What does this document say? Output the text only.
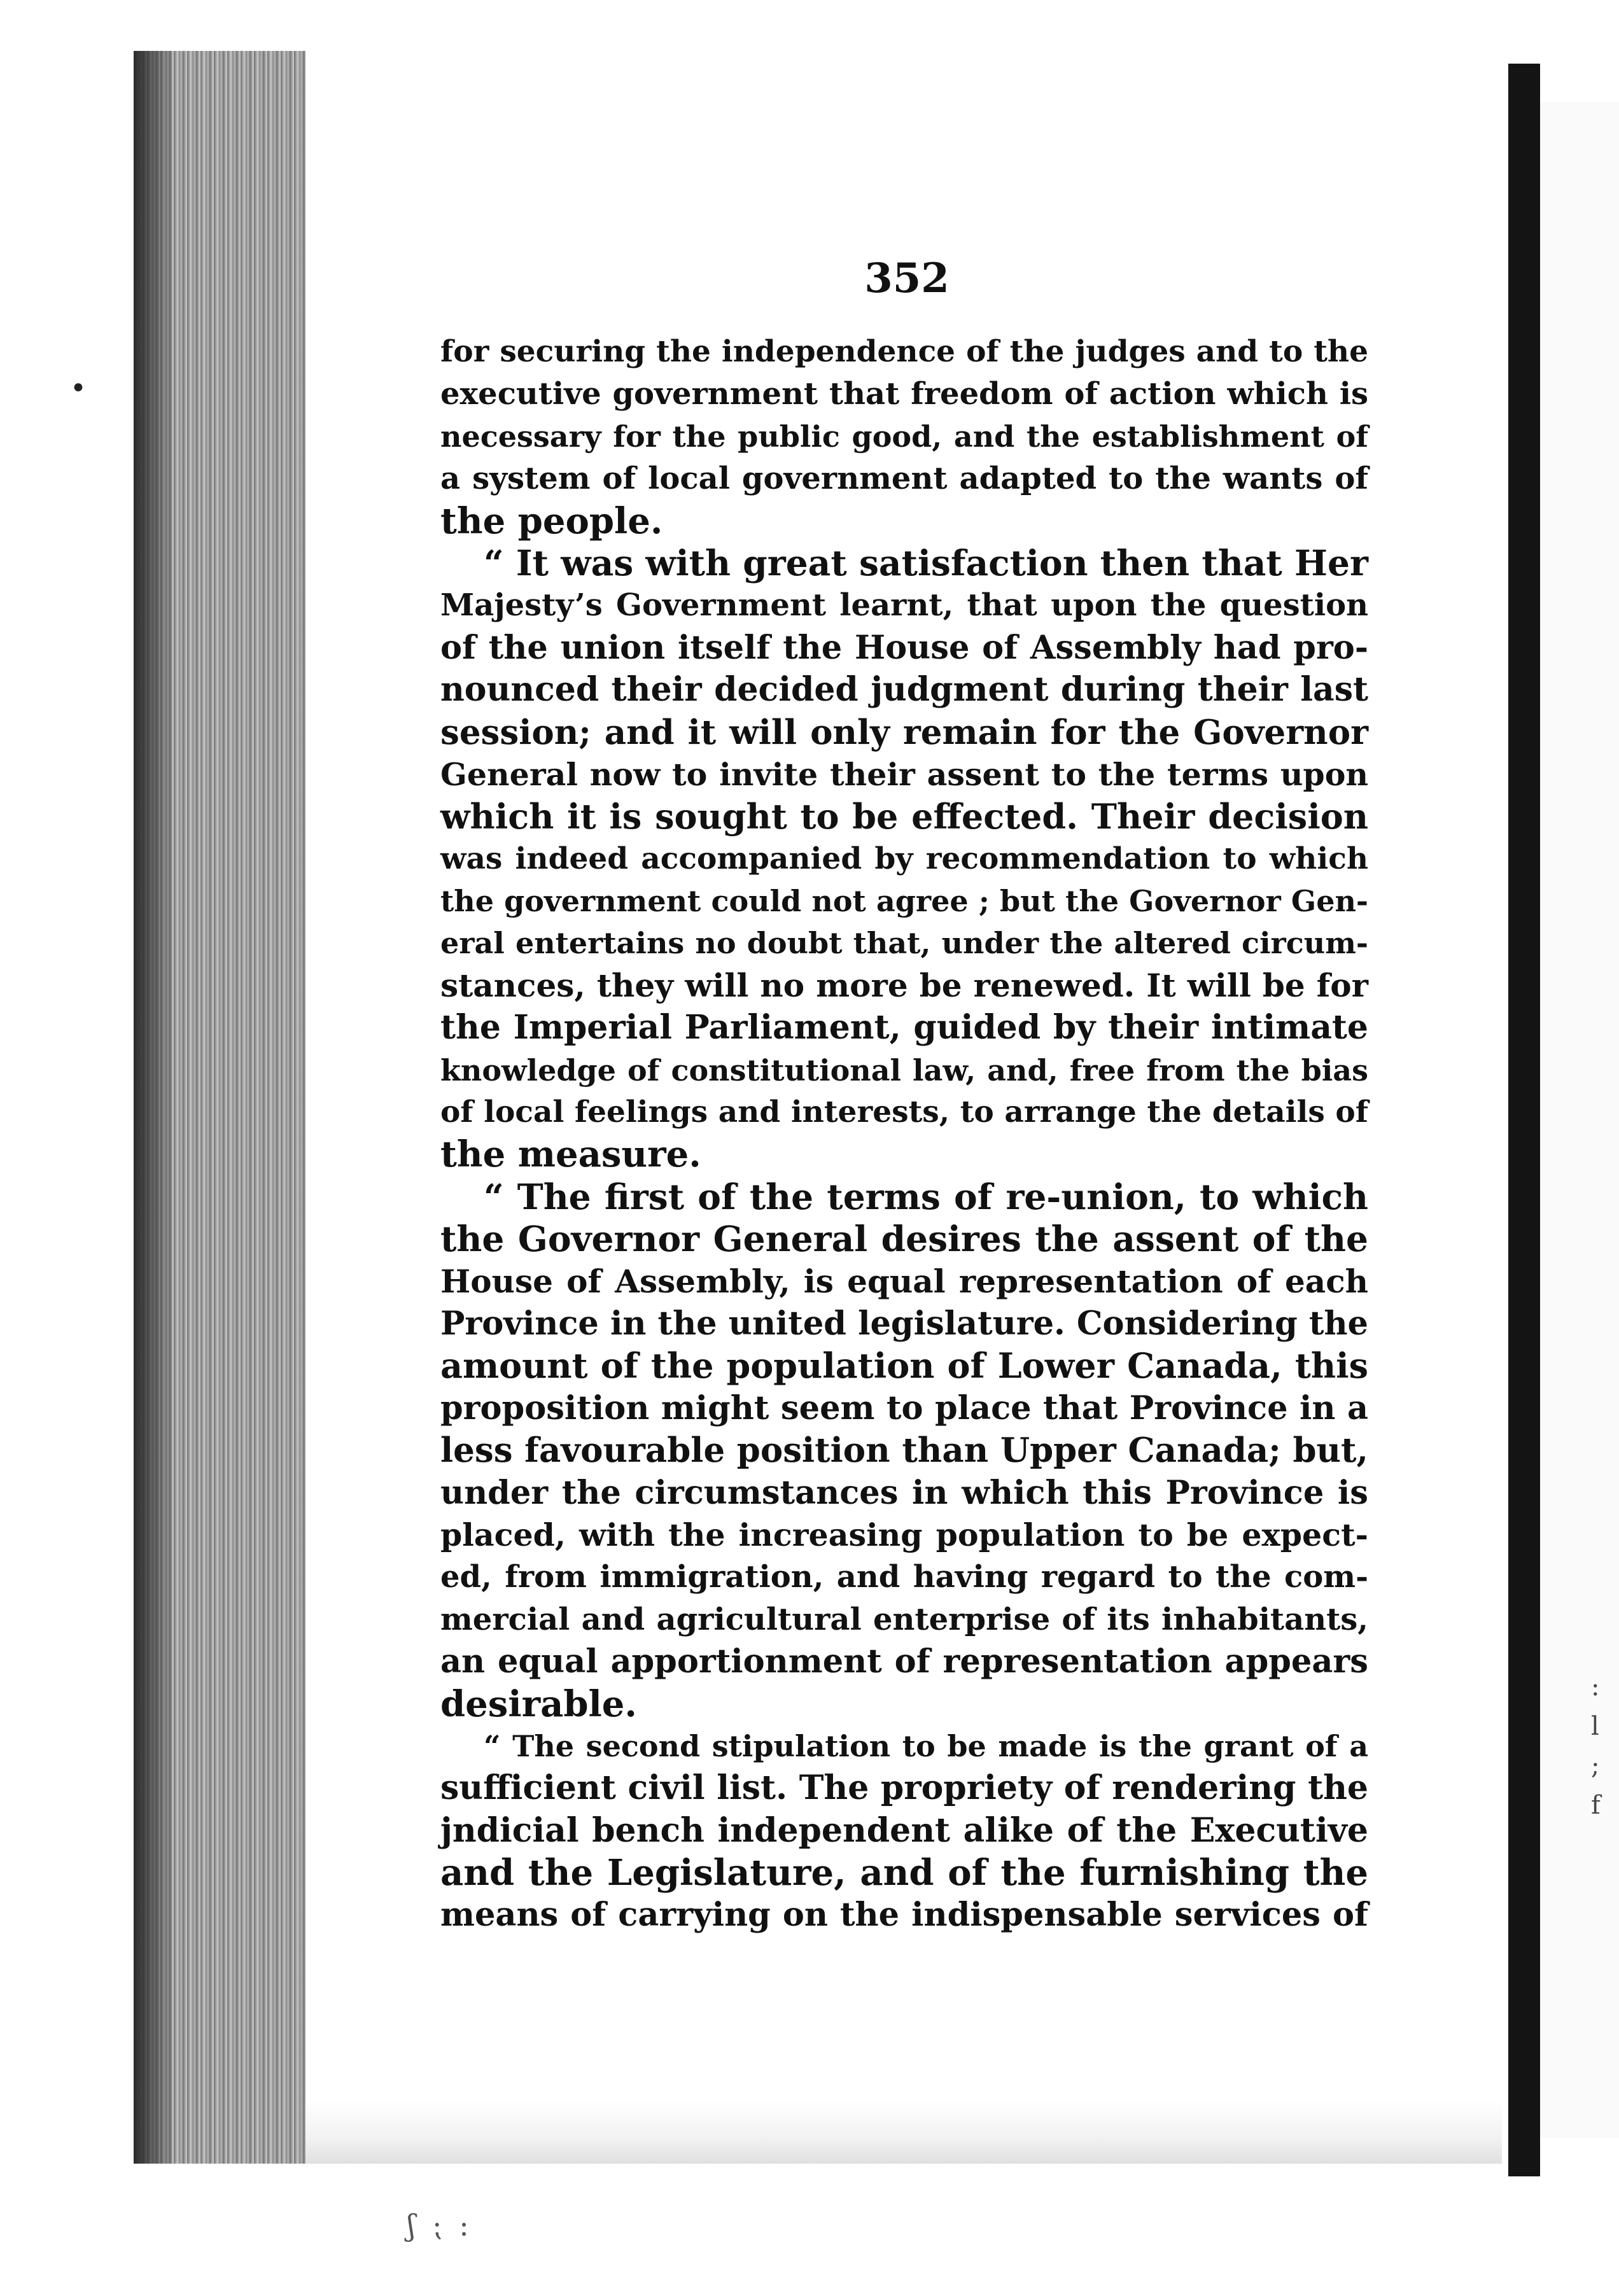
:
l
;
f
•

352

for securing the independence of the judges and to the
executive government that freedom of action which is
necessary for the public good, and the establishment of
a system of local government adapted to the wants of
the people.
“ It was with great satisfaction then that Her
Majesty’s Government learnt, that upon the question
of the union itself the House of Assembly had pro-
nounced their decided judgment during their last
session; and it will only remain for the Governor
General now to invite their assent to the terms upon
which it is sought to be effected. Their decision
was indeed accompanied by recommendation to which
the government could not agree ; but the Governor Gen-
eral entertains no doubt that, under the altered circum-
stances, they will no more be renewed. It will be for
the Imperial Parliament, guided by their intimate
knowledge of constitutional law, and, free from the bias
of local feelings and interests, to arrange the details of
the measure.
“ The first of the terms of re-union, to which
the Governor General desires the assent of the
House of Assembly, is equal representation of each
Province in the united legislature. Considering the
amount of the population of Lower Canada, this
proposition might seem to place that Province in a
less favourable position than Upper Canada; but,
under the circumstances in which this Province is
placed, with the increasing population to be expect-
ed, from immigration, and having regard to the com-
mercial and agricultural enterprise of its inhabitants,
an equal apportionment of representation appears
desirable.
“ The second stipulation to be made is the grant of a
sufficient civil list. The propriety of rendering the
jndicial bench independent alike of the Executive
and the Legislature, and of the furnishing the
means of carrying on the indispensable services of
ʃ ⁏ :
